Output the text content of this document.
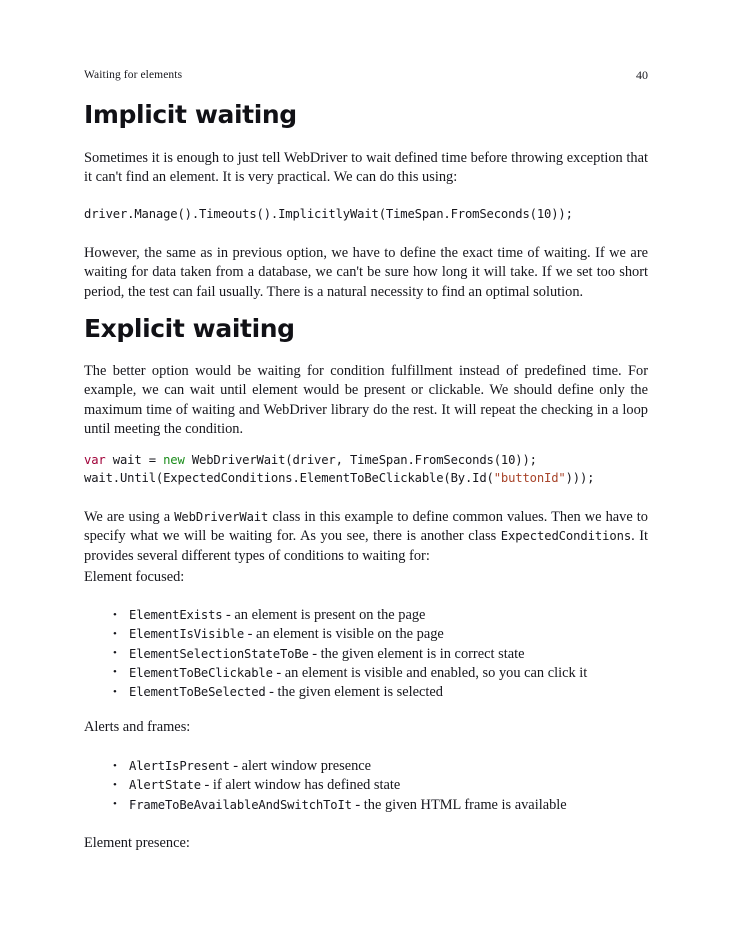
Waiting for elements	40
Implicit waiting

Sometimes it is enough to just tell WebDriver to wait defined time before throwing exception that it can't find an element. It is very practical. We can do this using:

driver.Manage().Timeouts().ImplicitlyWait(TimeSpan.FromSeconds(10));

However, the same as in previous option, we have to define the exact time of waiting. If we are waiting for data taken from a database, we can't be sure how long it will take. If we set too short period, the test can fail usually. There is a natural necessity to find an optimal solution.

Explicit waiting

The better option would be waiting for condition fulfillment instead of predefined time. For example, we can wait until element would be present or clickable. We should define only the maximum time of waiting and WebDriver library do the rest. It will repeat the checking in a loop until meeting the condition.

var wait = new WebDriverWait(driver, TimeSpan.FromSeconds(10));
wait.Until(ExpectedConditions.ElementToBeClickable(By.Id("buttonId")));

We are using a WebDriverWait class in this example to define common values. Then we have to specify what we will be waiting for. As you see, there is another class ExpectedConditions. It provides several different types of conditions to waiting for:

Element focused:

• ElementExists - an element is present on the page
• ElementIsVisible - an element is visible on the page
• ElementSelectionStateToBe - the given element is in correct state
• ElementToBeClickable - an element is visible and enabled, so you can click it
• ElementToBeSelected - the given element is selected

Alerts and frames:

• AlertIsPresent - alert window presence
• AlertState - if alert window has defined state
• FrameToBeAvailableAndSwitchToIt - the given HTML frame is available

Element presence:
